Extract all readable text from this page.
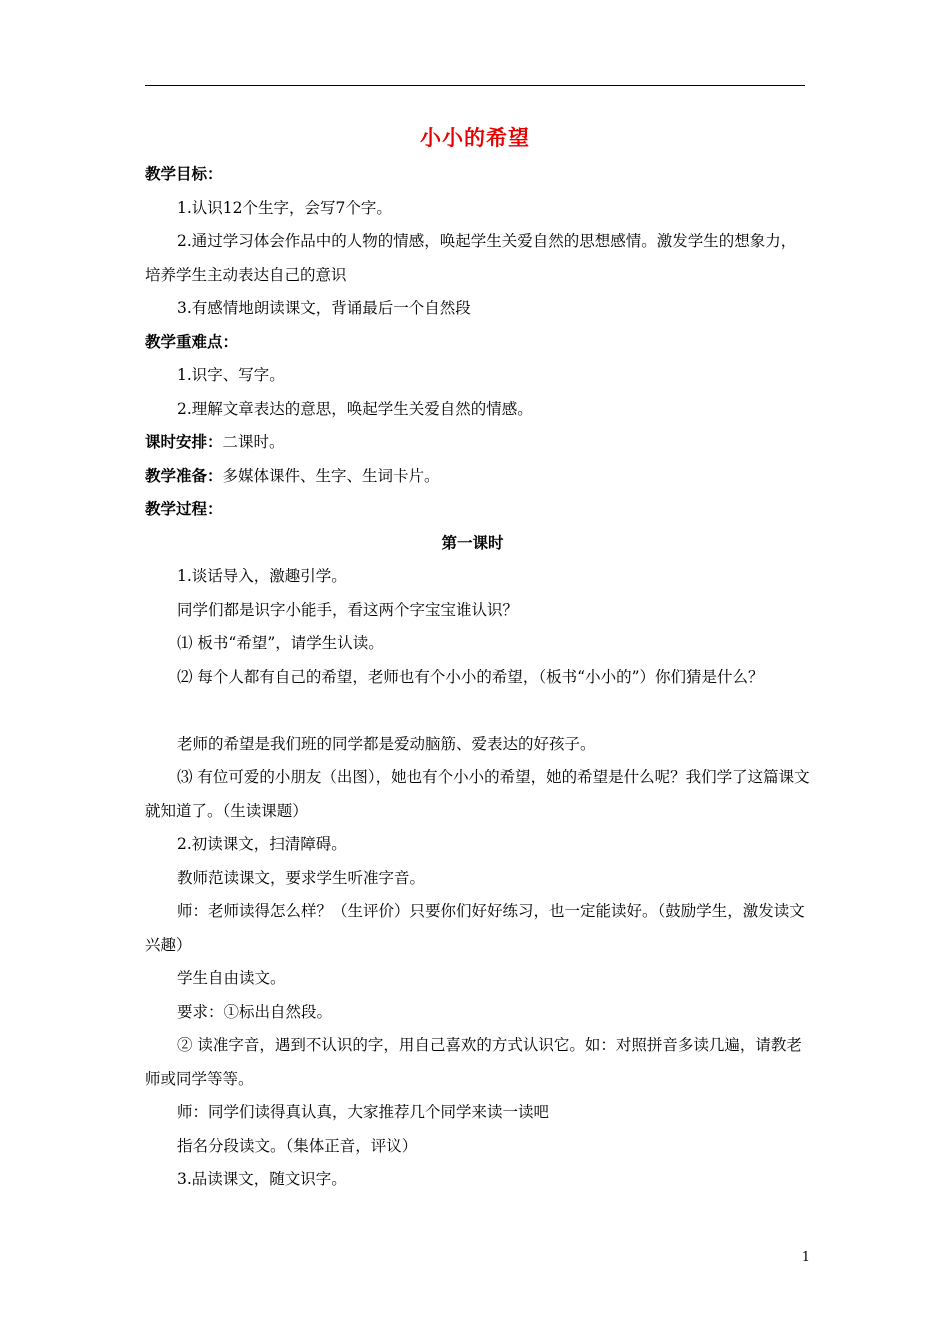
小小的希望
教学目标：
1.认识12个生字，会写7个字。
2.通过学习体会作品中的人物的情感，唤起学生关爱自然的思想感情。激发学生的想象力，培养学生主动表达自己的意识
3.有感情地朗读课文，背诵最后一个自然段
教学重难点：
1.识字、写字。
2.理解文章表达的意思，唤起学生关爱自然的情感。
课时安排：二课时。
教学准备：多媒体课件、生字、生词卡片。
教学过程：
第一课时
1.谈话导入，激趣引学。
同学们都是识字小能手，看这两个字宝宝谁认识？
⑴ 板书“希望”，请学生认读。
⑵ 每个人都有自己的希望，老师也有个小小的希望，（板书“小小的”）你们猜是什么？
老师的希望是我们班的同学都是爱动脑筋、爱表达的好孩子。
⑶ 有位可爱的小朋友（出图），她也有个小小的希望，她的希望是什么呢？我们学了这篇课文就知道了。（生读课题）
2.初读课文，扫清障碍。
教师范读课文，要求学生听准字音。
师：老师读得怎么样？（生评价）只要你们好好练习，也一定能读好。（鼓励学生，激发读文兴趣）
学生自由读文。
要求：①标出自然段。
② 读准字音，遇到不认识的字，用自己喜欢的方式认识它。如：对照拼音多读几遍，请教老师或同学等等。
师：同学们读得真认真，大家推荐几个同学来读一读吧
指名分段读文。（集体正音，评议）
3.品读课文，随文识字。
1
